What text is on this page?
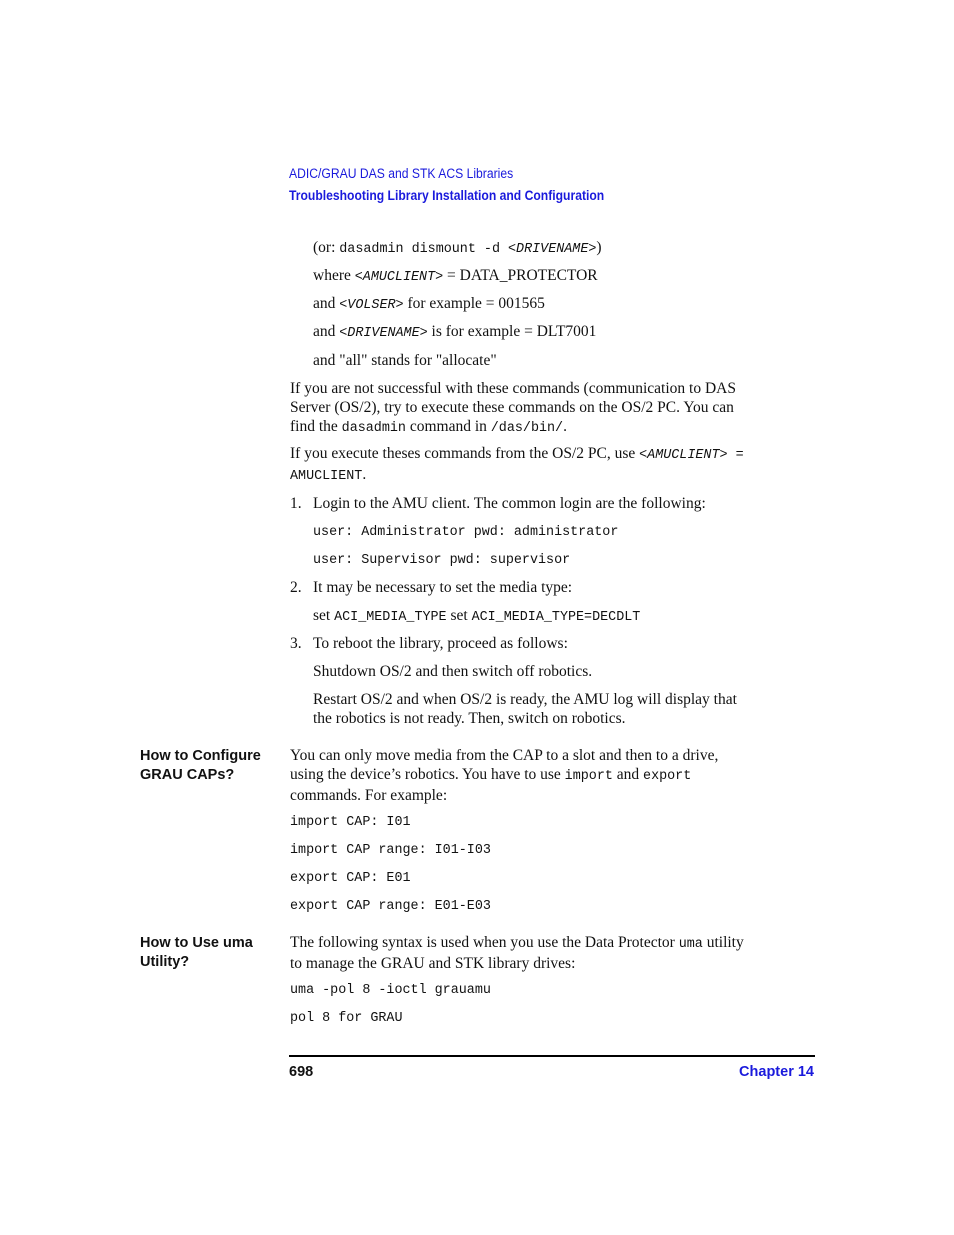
ADIC/GRAU DAS and STK ACS Libraries
Troubleshooting Library Installation and Configuration
(or: dasadmin dismount -d <DRIVENAME>)
where <AMUCLIENT> = DATA_PROTECTOR
and <VOLSER> for example = 001565
and <DRIVENAME> is for example = DLT7001
and "all" stands for "allocate"
If you are not successful with these commands (communication to DAS
Server (OS/2), try to execute these commands on the OS/2 PC. You can
find the dasadmin command in /das/bin/.
If you execute theses commands from the OS/2 PC, use <AMUCLIENT> =
AMUCLIENT.
1. Login to the AMU client. The common login are the following:
user: Administrator pwd: administrator
user: Supervisor pwd: supervisor
2. It may be necessary to set the media type:
set ACI_MEDIA_TYPE set ACI_MEDIA_TYPE=DECDLT
3. To reboot the library, proceed as follows:
Shutdown OS/2 and then switch off robotics.
Restart OS/2 and when OS/2 is ready, the AMU log will display that
the robotics is not ready. Then, switch on robotics.
How to Configure
GRAU CAPs?
You can only move media from the CAP to a slot and then to a drive,
using the device’s robotics. You have to use import and export
commands. For example:
import CAP: I01
import CAP range: I01-I03
export CAP: E01
export CAP range: E01-E03
How to Use uma
Utility?
The following syntax is used when you use the Data Protector uma utility
to manage the GRAU and STK library drives:
uma -pol 8 -ioctl grauamu
pol 8 for GRAU
698	Chapter 14
